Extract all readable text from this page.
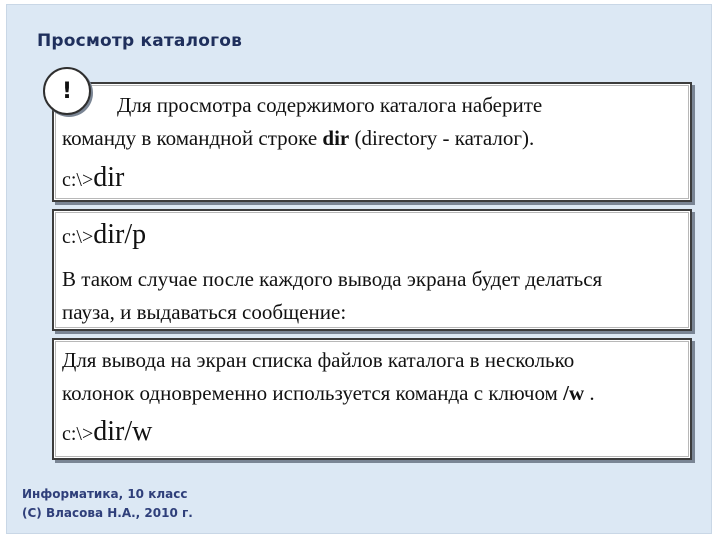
Просмотр каталогов
!
Для просмотра содержимого каталога наберите
команду в командной строке dir (directory - каталог).
c:\>dir
c:\>dir/p
В таком случае после каждого вывода экрана будет делаться
пауза, и выдаваться сообщение:
Для вывода на экран списка файлов каталога в несколько
колонок одновременно используется команда с ключом /w .
c:\>dir/w
Информатика, 10 класс
(С) Власова Н.А., 2010 г.
